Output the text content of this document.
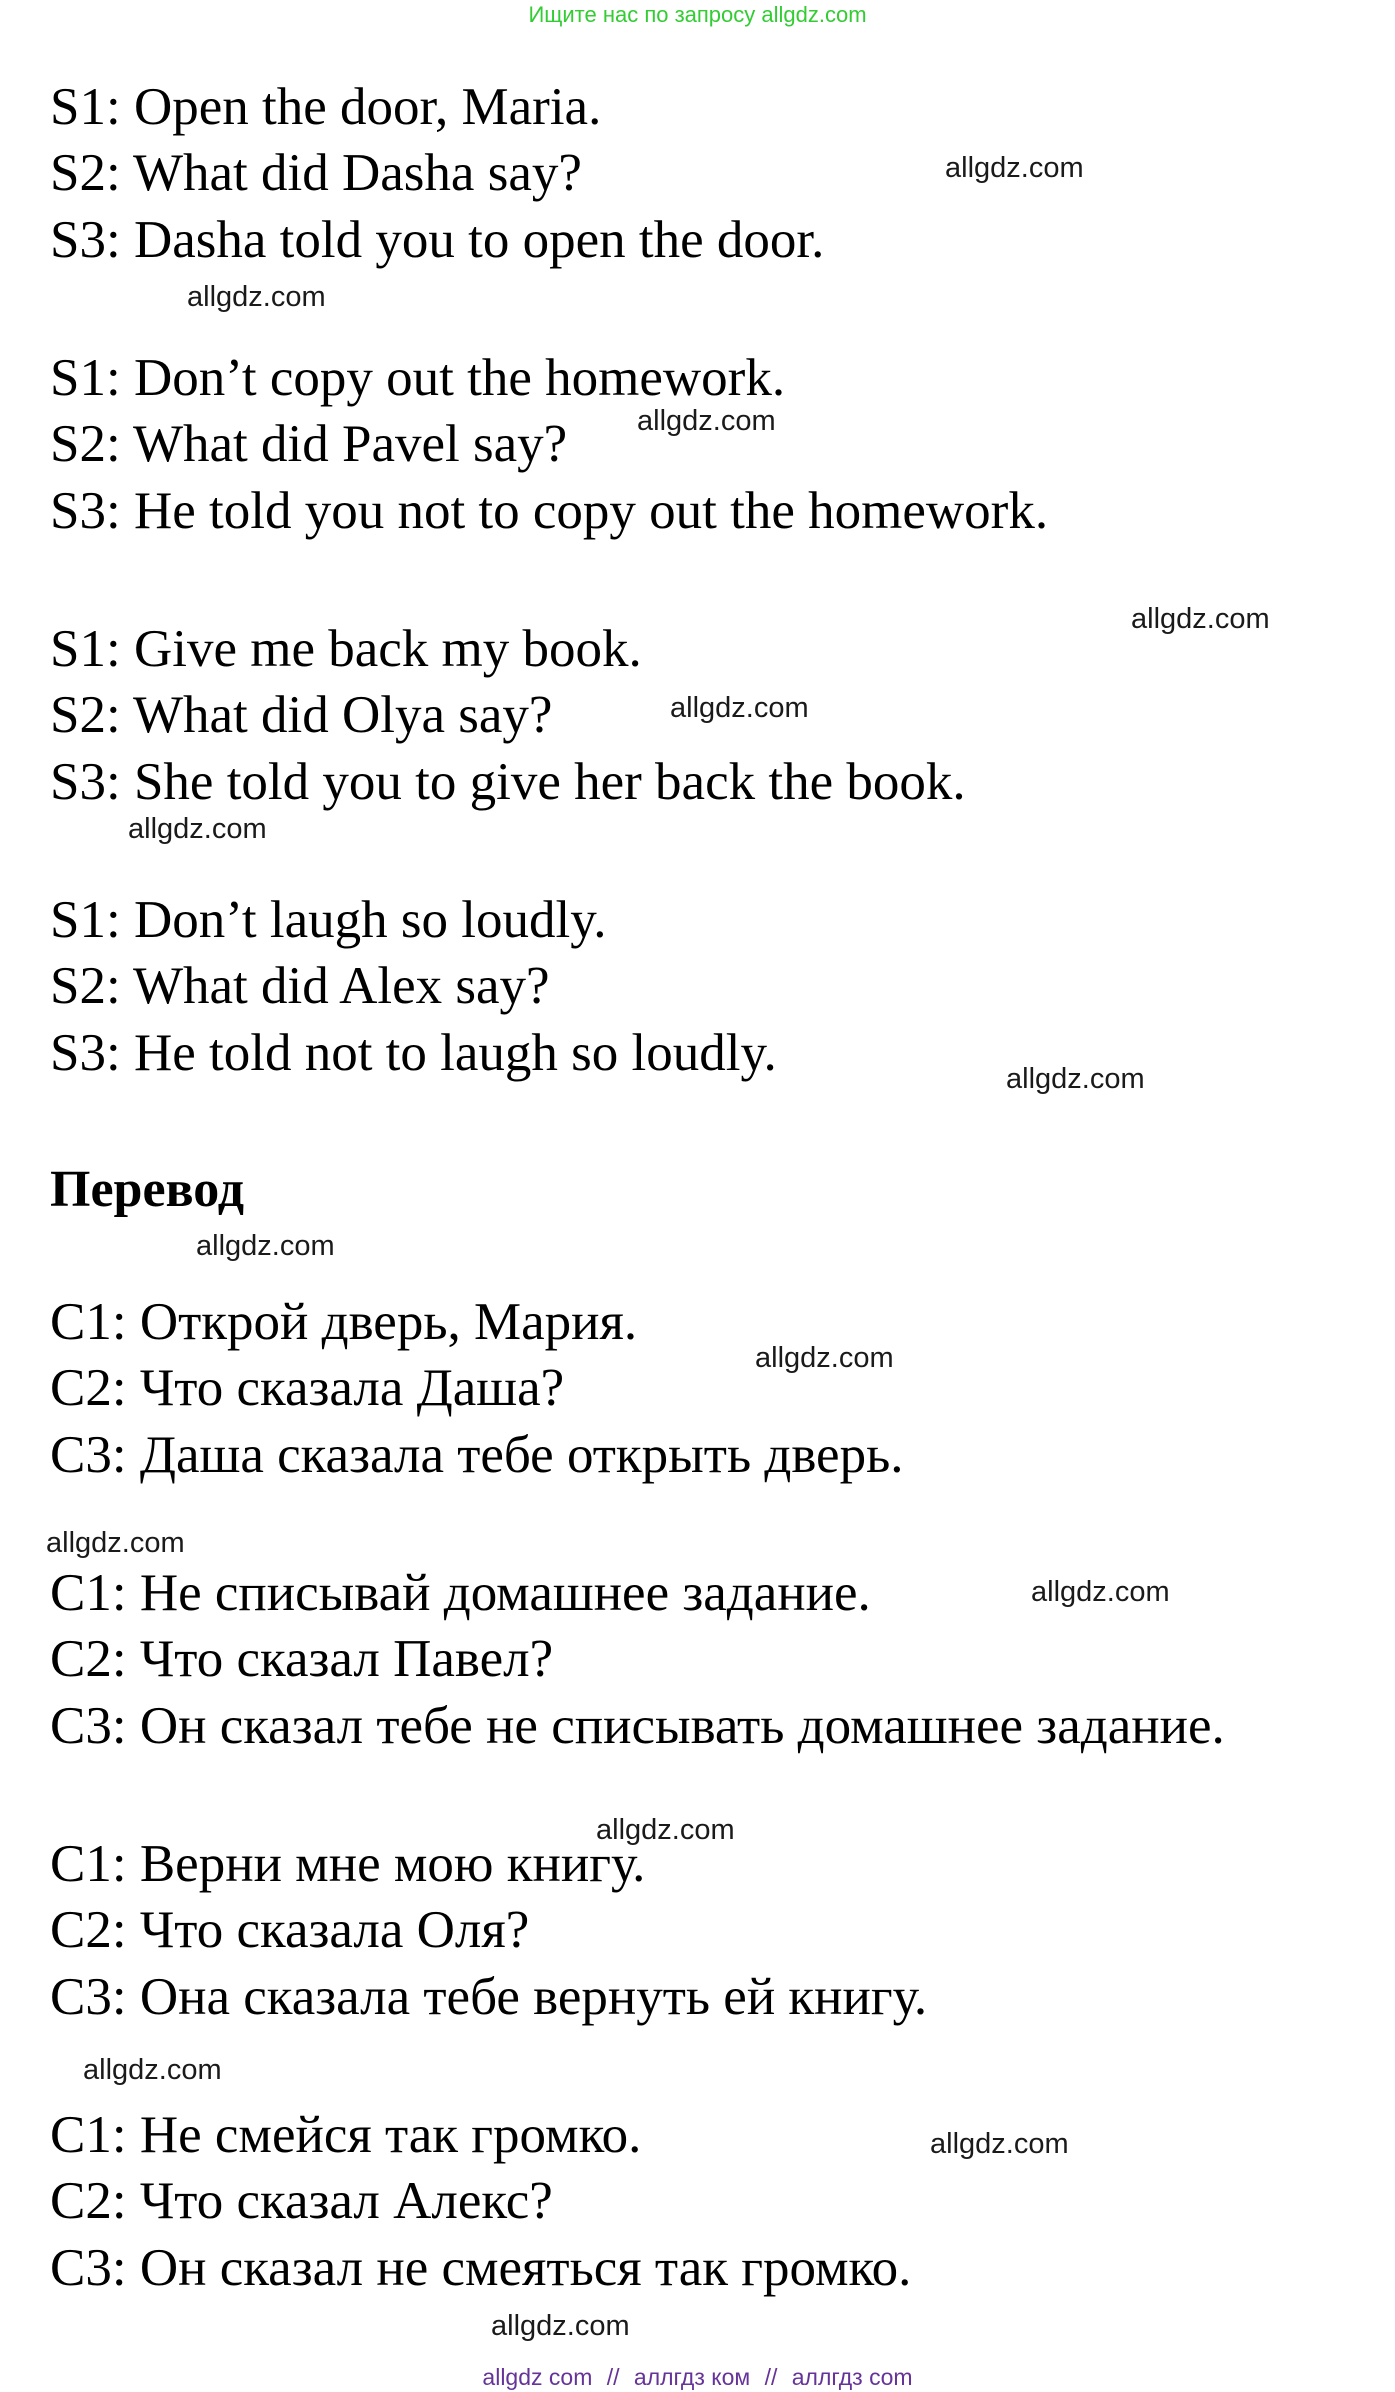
Ищите нас по запросу allgdz.com
S1: Open the door, Maria.
S2: What did Dasha say?
S3: Dasha told you to open the door.
S1: Don’t copy out the homework.
S2: What did Pavel say?
S3: He told you not to copy out the homework.
S1: Give me back my book.
S2: What did Olya say?
S3: She told you to give her back the book.
S1: Don’t laugh so loudly.
S2: What did Alex say?
S3: He told not to laugh so loudly.
Перевод
С1: Открой дверь, Мария.
С2: Что сказала Даша?
С3: Даша сказала тебе открыть дверь.
С1: Не списывай домашнее задание.
С2: Что сказал Павел?
С3: Он сказал тебе не списывать домашнее задание.
С1: Верни мне мою книгу.
С2: Что сказала Оля?
С3: Она сказала тебе вернуть ей книгу.
С1: Не смейся так громко.
С2: Что сказал Алекс?
С3: Он сказал не смеяться так громко.
allgdz.com
allgdz.com
allgdz.com
allgdz.com
allgdz.com
allgdz.com
allgdz.com
allgdz.com
allgdz.com
allgdz.com
allgdz.com
allgdz.com
allgdz.com
allgdz.com
allgdz.com
allgdz com // аллгдз ком // аллгдз com
